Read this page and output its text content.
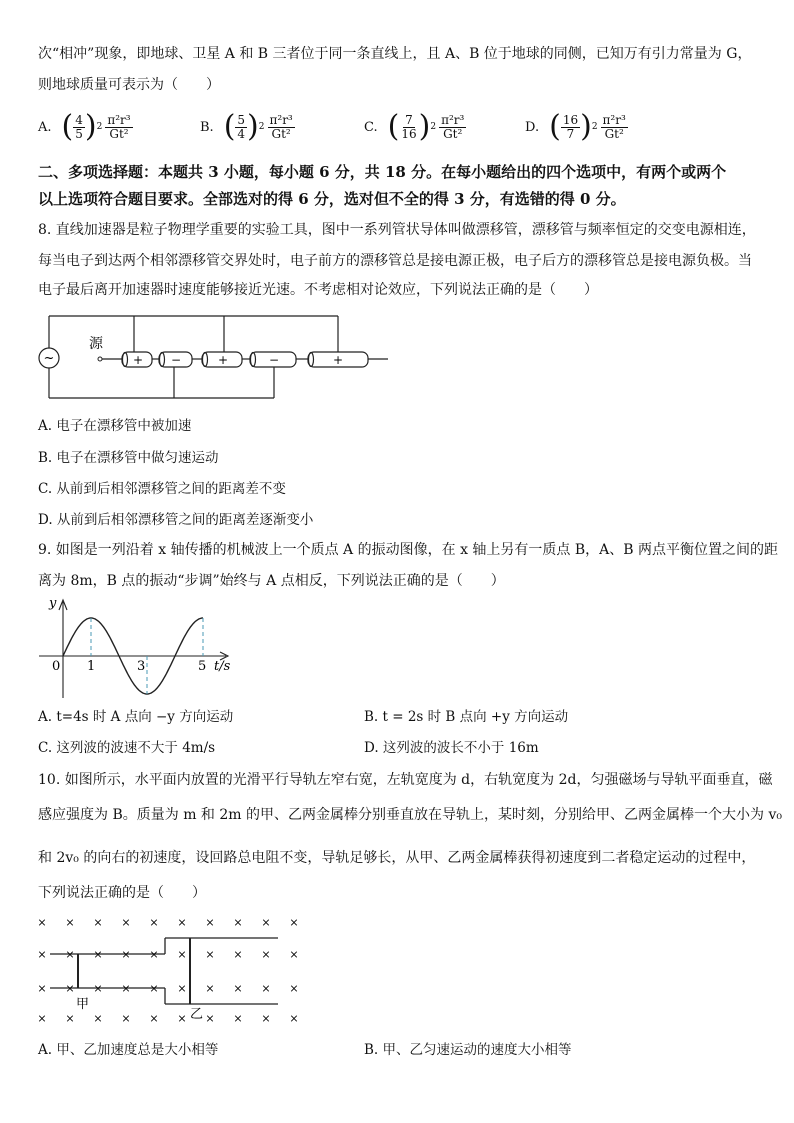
次“相冲”现象，即地球、卫星 A 和 B 三者位于同一条直线上，且 A、B 位于地球的同侧，已知万有引力常量为 G，
则地球质量可表示为（　　）
A. ( $\frac{4}{5}$ ) $2 \frac{\text{π²r³}}{\text{Gt²}}$	B. ( $\frac{5}{4}$ ) $2 \frac{\text{π²r³}}{\text{Gt²}}$	C. ( $\frac{7}{16}$ ) $2 \frac{\text{π²r³}}{\text{Gt²}}$	D. ( $\frac{16}{7}$ ) $2 \frac{\text{π²r³}}{\text{Gt²}}$
二、多项选择题：本题共 3 小题，每小题 6 分，共 18 分。在每小题给出的四个选项中，有两个或两个
以上选项符合题目要求。全部选对的得 6 分，选对但不全的得 3 分，有选错的得 0 分。
8. 直线加速器是粒子物理学重要的实验工具，图中一系列管状导体叫做漂移管，漂移管与频率恒定的交变电源相连，
每当电子到达两个相邻漂移管交界处时，电子前方的漂移管总是接电源正极，电子后方的漂移管总是接电源负极。当
电子最后离开加速器时速度能够接近光速。不考虑相对论效应，下列说法正确的是（　　）
~
源
+ −	+	−	+
A. 电子在漂移管中被加速
B. 电子在漂移管中做匀速运动
C. 从前到后相邻漂移管之间的距离差不变
D. 从前到后相邻漂移管之间的距离差逐渐变小
9. 如图是一列沿着 x 轴传播的机械波上一个质点 A 的振动图像，在 x 轴上另有一质点 B，A、B 两点平衡位置之间的距
离为 8m，B 点的振动“步调”始终与 A 点相反，下列说法正确的是（　　）
y
0 1	3	5 t/s
A. t=4s 时 A 点向 −y 方向运动	B. t = 2s 时 B 点向 +y 方向运动
C. 这列波的波速不大于 4m/s	D. 这列波的波长不小于 16m
10. 如图所示，水平面内放置的光滑平行导轨左窄右宽，左轨宽度为 d，右轨宽度为 2d，匀强磁场与导轨平面垂直，磁
感应强度为 B。质量为 m 和 2m 的甲、乙两金属棒分别垂直放在导轨上，某时刻，分别给甲、乙两金属棒一个大小为 v₀
和 2v₀ 的向右的初速度，设回路总电阻不变，导轨足够长，从甲、乙两金属棒获得初速度到二者稳定运动的过程中，
下列说法正确的是（　　）
× × × × × × × × × ×
× × × × × × × × × ×
× × × × × × × × × ×
× × × × × × × × × ×
甲
乙
A. 甲、乙加速度总是大小相等	B. 甲、乙匀速运动的速度大小相等
